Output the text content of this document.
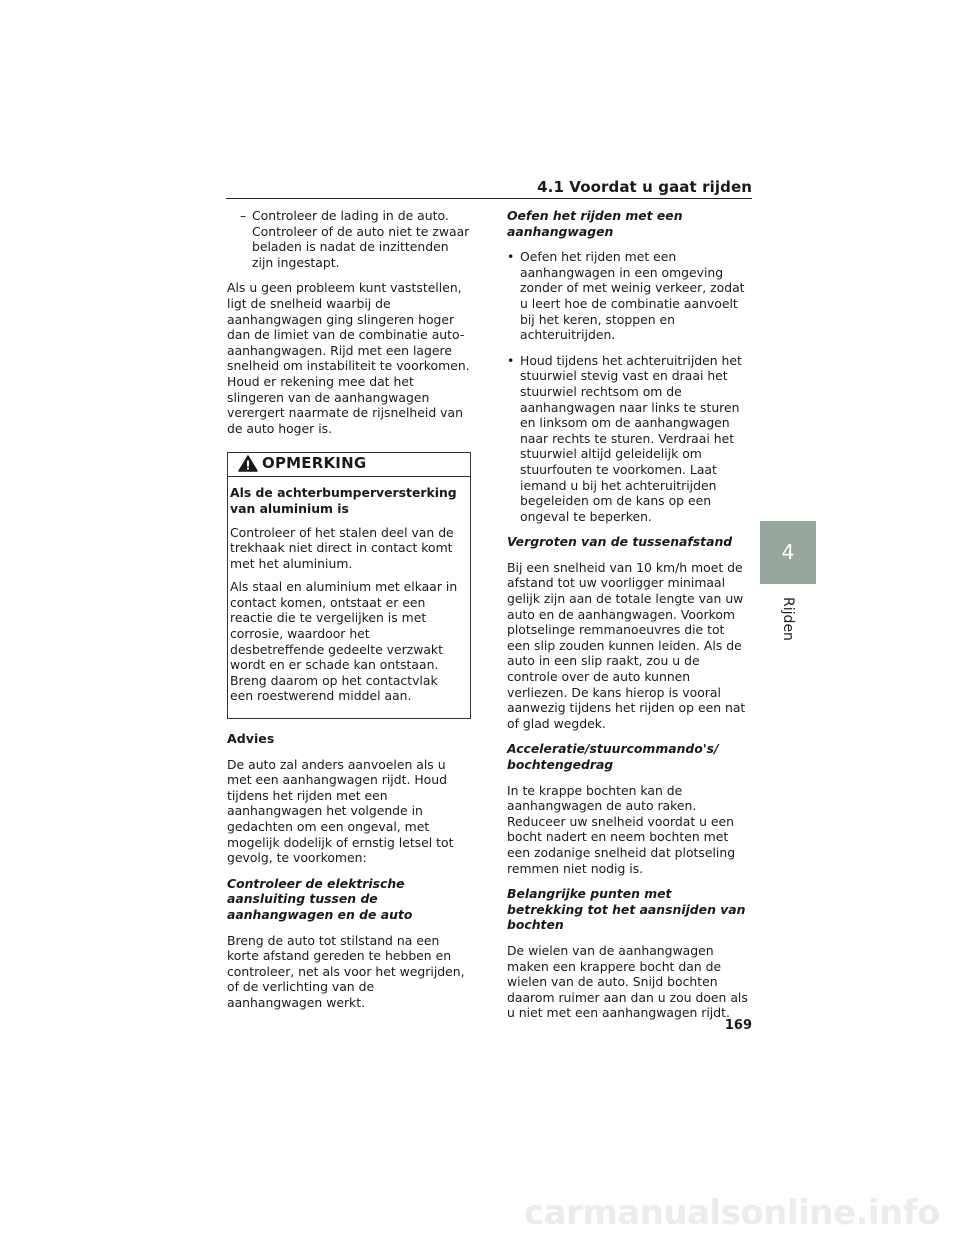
4.1 Voordat u gaat rijden
4
Rijden
– Controleer de lading in de auto. Controleer of de auto niet te zwaar beladen is nadat de inzittenden zijn ingestapt.

Als u geen probleem kunt vaststellen, ligt de snelheid waarbij de aanhangwagen ging slingeren hoger dan de limiet van de combinatie auto-aanhangwagen. Rijd met een lagere snelheid om instabiliteit te voorkomen. Houd er rekening mee dat het slingeren van de aanhangwagen verergert naarmate de rijsnelheid van de auto hoger is.

OPMERKING

Als de achterbumperversterking van aluminium is

Controleer of het stalen deel van de trekhaak niet direct in contact komt met het aluminium.

Als staal en aluminium met elkaar in contact komen, ontstaat er een reactie die te vergelijken is met corrosie, waardoor het desbetreffende gedeelte verzwakt wordt en er schade kan ontstaan. Breng daarom op het contactvlak een roestwerend middel aan.

Advies

De auto zal anders aanvoelen als u met een aanhangwagen rijdt. Houd tijdens het rijden met een aanhangwagen het volgende in gedachten om een ongeval, met mogelijk dodelijk of ernstig letsel tot gevolg, te voorkomen:

Controleer de elektrische aansluiting tussen de aanhangwagen en de auto

Breng de auto tot stilstand na een korte afstand gereden te hebben en controleer, net als voor het wegrijden, of de verlichting van de aanhangwagen werkt.

Oefen het rijden met een aanhangwagen

• Oefen het rijden met een aanhangwagen in een omgeving zonder of met weinig verkeer, zodat u leert hoe de combinatie aanvoelt bij het keren, stoppen en achteruitrijden.
• Houd tijdens het achteruitrijden het stuurwiel stevig vast en draai het stuurwiel rechtsom om de aanhangwagen naar links te sturen en linksom om de aanhangwagen naar rechts te sturen. Verdraai het stuurwiel altijd geleidelijk om stuurfouten te voorkomen. Laat iemand u bij het achteruitrijden begeleiden om de kans op een ongeval te beperken.

Vergroten van de tussenafstand

Bij een snelheid van 10 km/h moet de afstand tot uw voorligger minimaal gelijk zijn aan de totale lengte van uw auto en de aanhangwagen. Voorkom plotselinge remmanoeuvres die tot een slip zouden kunnen leiden. Als de auto in een slip raakt, zou u de controle over de auto kunnen verliezen. De kans hierop is vooral aanwezig tijdens het rijden op een nat of glad wegdek.

Acceleratie/stuurcommando's/ bochtengedrag

In te krappe bochten kan de aanhangwagen de auto raken. Reduceer uw snelheid voordat u een bocht nadert en neem bochten met een zodanige snelheid dat plotseling remmen niet nodig is.

Belangrijke punten met betrekking tot het aansnijden van bochten

De wielen van de aanhangwagen maken een krappere bocht dan de wielen van de auto. Snijd bochten daarom ruimer aan dan u zou doen als u niet met een aanhangwagen rijdt.

169
carmanualsonline.info
